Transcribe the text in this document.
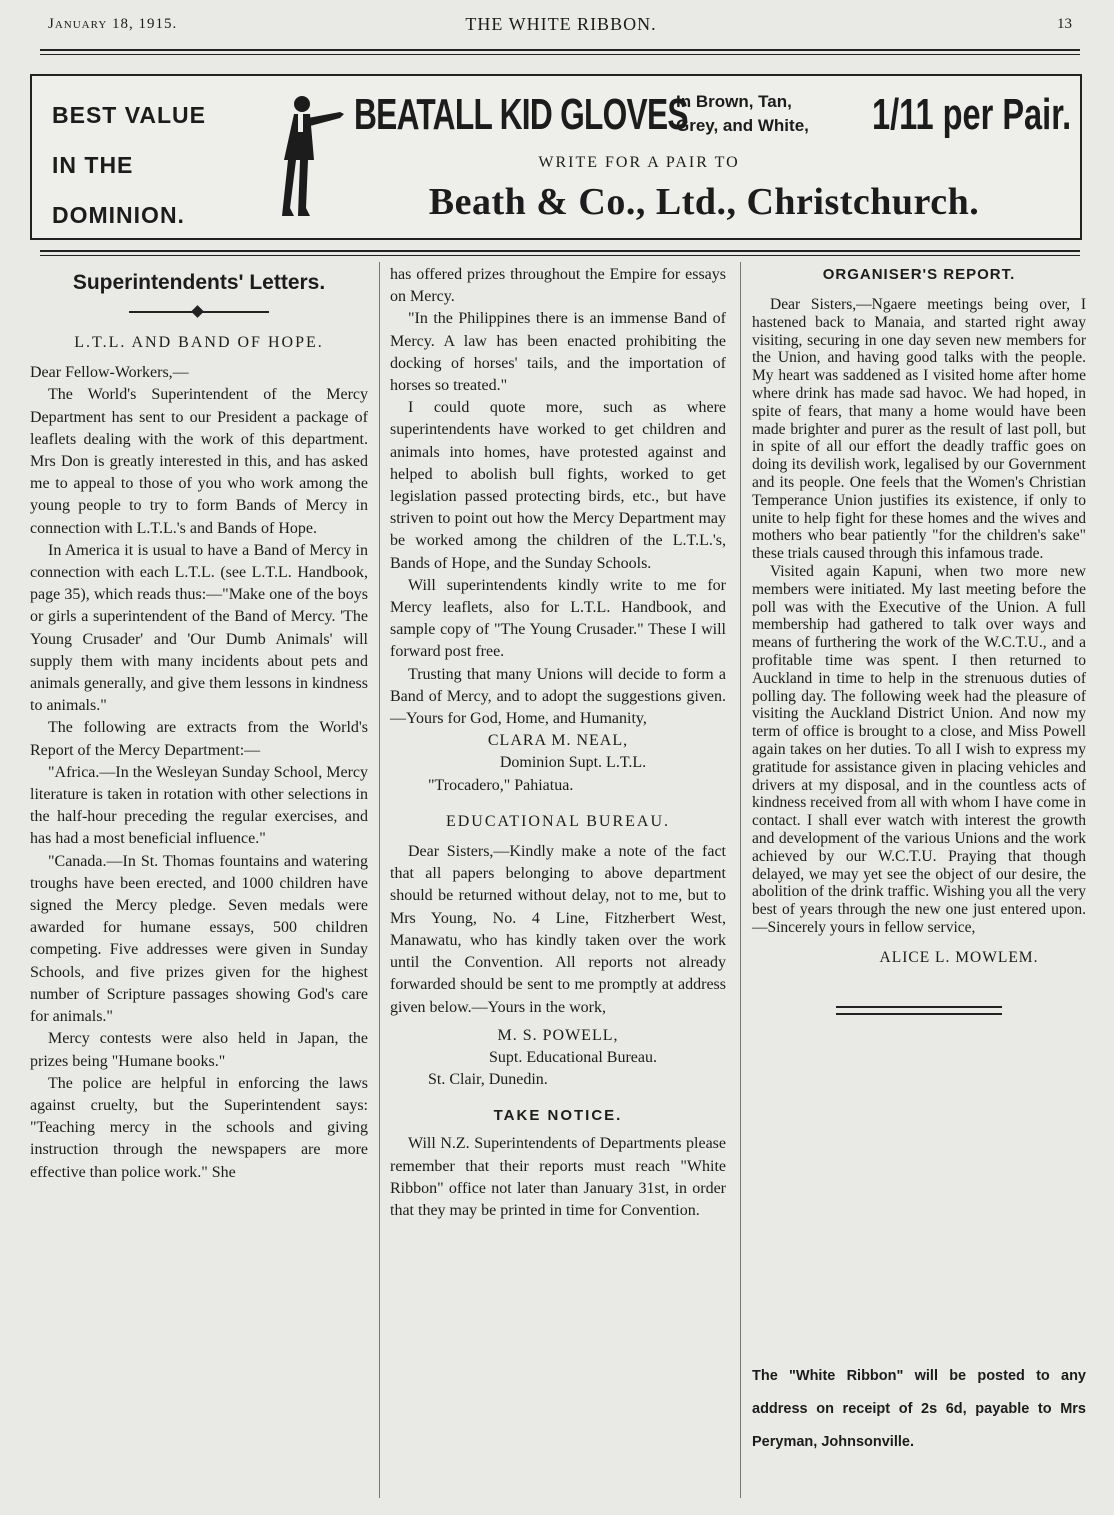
January 18, 1915.	THE WHITE RIBBON.	13
BEST VALUE
IN THE
DOMINION.
BEATALL KID GLOVES
In Brown, Tan,
Grey, and White,	1/11 per Pair.
WRITE FOR A PAIR TO
Beath & Co., Ltd., Christchurch.
Superintendents' Letters.
L.T.L. AND BAND OF HOPE.

Dear Fellow-Workers,—

The World's Superintendent of the Mercy Department has sent to our President a package of leaflets dealing with the work of this department. Mrs Don is greatly interested in this, and has asked me to appeal to those of you who work among the young people to try to form Bands of Mercy in connection with L.T.L.'s and Bands of Hope.

In America it is usual to have a Band of Mercy in connection with each L.T.L. (see L.T.L. Handbook, page 35), which reads thus:—"Make one of the boys or girls a superintendent of the Band of Mercy. 'The Young Crusader' and 'Our Dumb Animals' will supply them with many incidents about pets and animals generally, and give them lessons in kindness to animals."

The following are extracts from the World's Report of the Mercy Department:—

"Africa.—In the Wesleyan Sunday School, Mercy literature is taken in rotation with other selections in the half-hour preceding the regular exercises, and has had a most beneficial influence."

"Canada.—In St. Thomas fountains and watering troughs have been erected, and 1000 children have signed the Mercy pledge. Seven medals were awarded for humane essays, 500 children competing. Five addresses were given in Sunday Schools, and five prizes given for the highest number of Scripture passages showing God's care for animals."

Mercy contests were also held in Japan, the prizes being "Humane books."

The police are helpful in enforcing the laws against cruelty, but the Superintendent says: "Teaching mercy in the schools and giving instruction through the newspapers are more effective than police work." She

has offered prizes throughout the Empire for essays on Mercy.

"In the Philippines there is an immense Band of Mercy. A law has been enacted prohibiting the docking of horses' tails, and the importation of horses so treated."

I could quote more, such as where superintendents have worked to get children and animals into homes, have protested against and helped to abolish bull fights, worked to get legislation passed protecting birds, etc., but have striven to point out how the Mercy Department may be worked among the children of the L.T.L.'s, Bands of Hope, and the Sunday Schools.

Will superintendents kindly write to me for Mercy leaflets, also for L.T.L. Handbook, and sample copy of "The Young Crusader." These I will forward post free.

Trusting that many Unions will decide to form a Band of Mercy, and to adopt the suggestions given.—Yours for God, Home, and Humanity,

CLARA M. NEAL,
Dominion Supt. L.T.L.

"Trocadero," Pahiatua.

EDUCATIONAL BUREAU.

Dear Sisters,—Kindly make a note of the fact that all papers belonging to above department should be returned without delay, not to me, but to Mrs Young, No. 4 Line, Fitzherbert West, Manawatu, who has kindly taken over the work until the Convention. All reports not already forwarded should be sent to me promptly at address given below.—Yours in the work,

M. S. POWELL,
Supt. Educational Bureau.

St. Clair, Dunedin.

TAKE NOTICE.

Will N.Z. Superintendents of Departments please remember that their reports must reach "White Ribbon" office not later than January 31st, in order that they may be printed in time for Convention.

ORGANISER'S REPORT.

Dear Sisters,—Ngaere meetings being over, I hastened back to Manaia, and started right away visiting, securing in one day seven new members for the Union, and having good talks with the people. My heart was saddened as I visited home after home where drink has made sad havoc. We had hoped, in spite of fears, that many a home would have been made brighter and purer as the result of last poll, but in spite of all our effort the deadly traffic goes on doing its devilish work, legalised by our Government and its people. One feels that the Women's Christian Temperance Union justifies its existence, if only to unite to help fight for these homes and the wives and mothers who bear patiently "for the children's sake" these trials caused through this infamous trade.

Visited again Kapuni, when two more new members were initiated. My last meeting before the poll was with the Executive of the Union. A full membership had gathered to talk over ways and means of furthering the work of the W.C.T.U., and a profitable time was spent. I then returned to Auckland in time to help in the strenuous duties of polling day. The following week had the pleasure of visiting the Auckland District Union. And now my term of office is brought to a close, and Miss Powell again takes on her duties. To all I wish to express my gratitude for assistance given in placing vehicles and drivers at my disposal, and in the countless acts of kindness received from all with whom I have come in contact. I shall ever watch with interest the growth and development of the various Unions and the work achieved by our W.C.T.U. Praying that though delayed, we may yet see the object of our desire, the abolition of the drink traffic. Wishing you all the very best of years through the new one just entered upon.—Sincerely yours in fellow service,

ALICE L. MOWLEM.
The "White Ribbon" will be posted to any address on receipt of 2s 6d, payable to Mrs Peryman, Johnsonville.
